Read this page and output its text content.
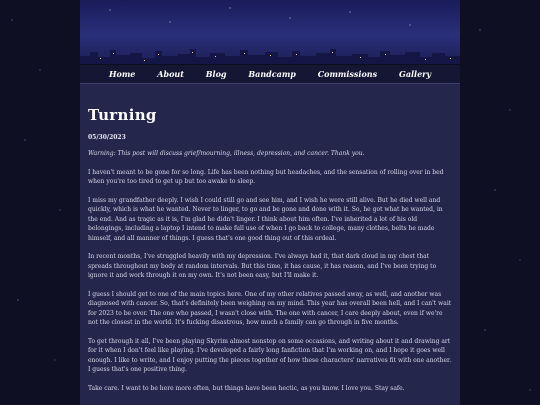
Home	About	Blog	Bandcamp	Commissions	Gallery
Turning
05/30/2023

Warning: This post will discuss grief/mourning, illness, depression, and cancer. Thank you.

I haven't meant to be gone for so long. Life has been nothing but headaches, and the sensation of rolling over in bed when you're too tired to get up but too awake to sleep.

I miss my grandfather deeply. I wish I could still go and see him, and I wish he were still alive. But he died well and quickly, which is what he wanted. Never to linger, to go and be gone and done with it. So, he got what he wanted, in the end. And as tragic as it is, I'm glad he didn't linger. I think about him often. I've inherited a lot of his old belongings, including a laptop I intend to make full use of when I go back to college, many clothes, belts he made himself, and all manner of things. I guess that's one good thing out of this ordeal.

In recent months, I've struggled heavily with my depression. I've always had it, that dark cloud in my chest that spreads throughout my body at random intervals. But this time, it has cause, it has reason, and I've been trying to ignore it and work through it on my own. It's not been easy, but I'll make it.

I guess I should get to one of the main topics here. One of my other relatives passed away, as well, and another was diagnosed with cancer. So, that's definitely been weighing on my mind. This year has overall been hell, and I can't wait for 2023 to be over. The one who passed, I wasn't close with. The one with cancer, I care deeply about, even if we're not the closest in the world. It's fucking disastrous, how much a family can go through in five months.

To get through it all, I've been playing Skyrim almost nonstop on some occasions, and writing about it and drawing art for it when I don't feel like playing. I've developed a fairly long fanfiction that I'm working on, and I hope it goes well enough. I like to write, and I enjoy putting the pieces together of how these characters' narratives fit with one another. I guess that's one positive thing.

Take care. I want to be here more often, but things have been hectic, as you know. I love you. Stay safe.
